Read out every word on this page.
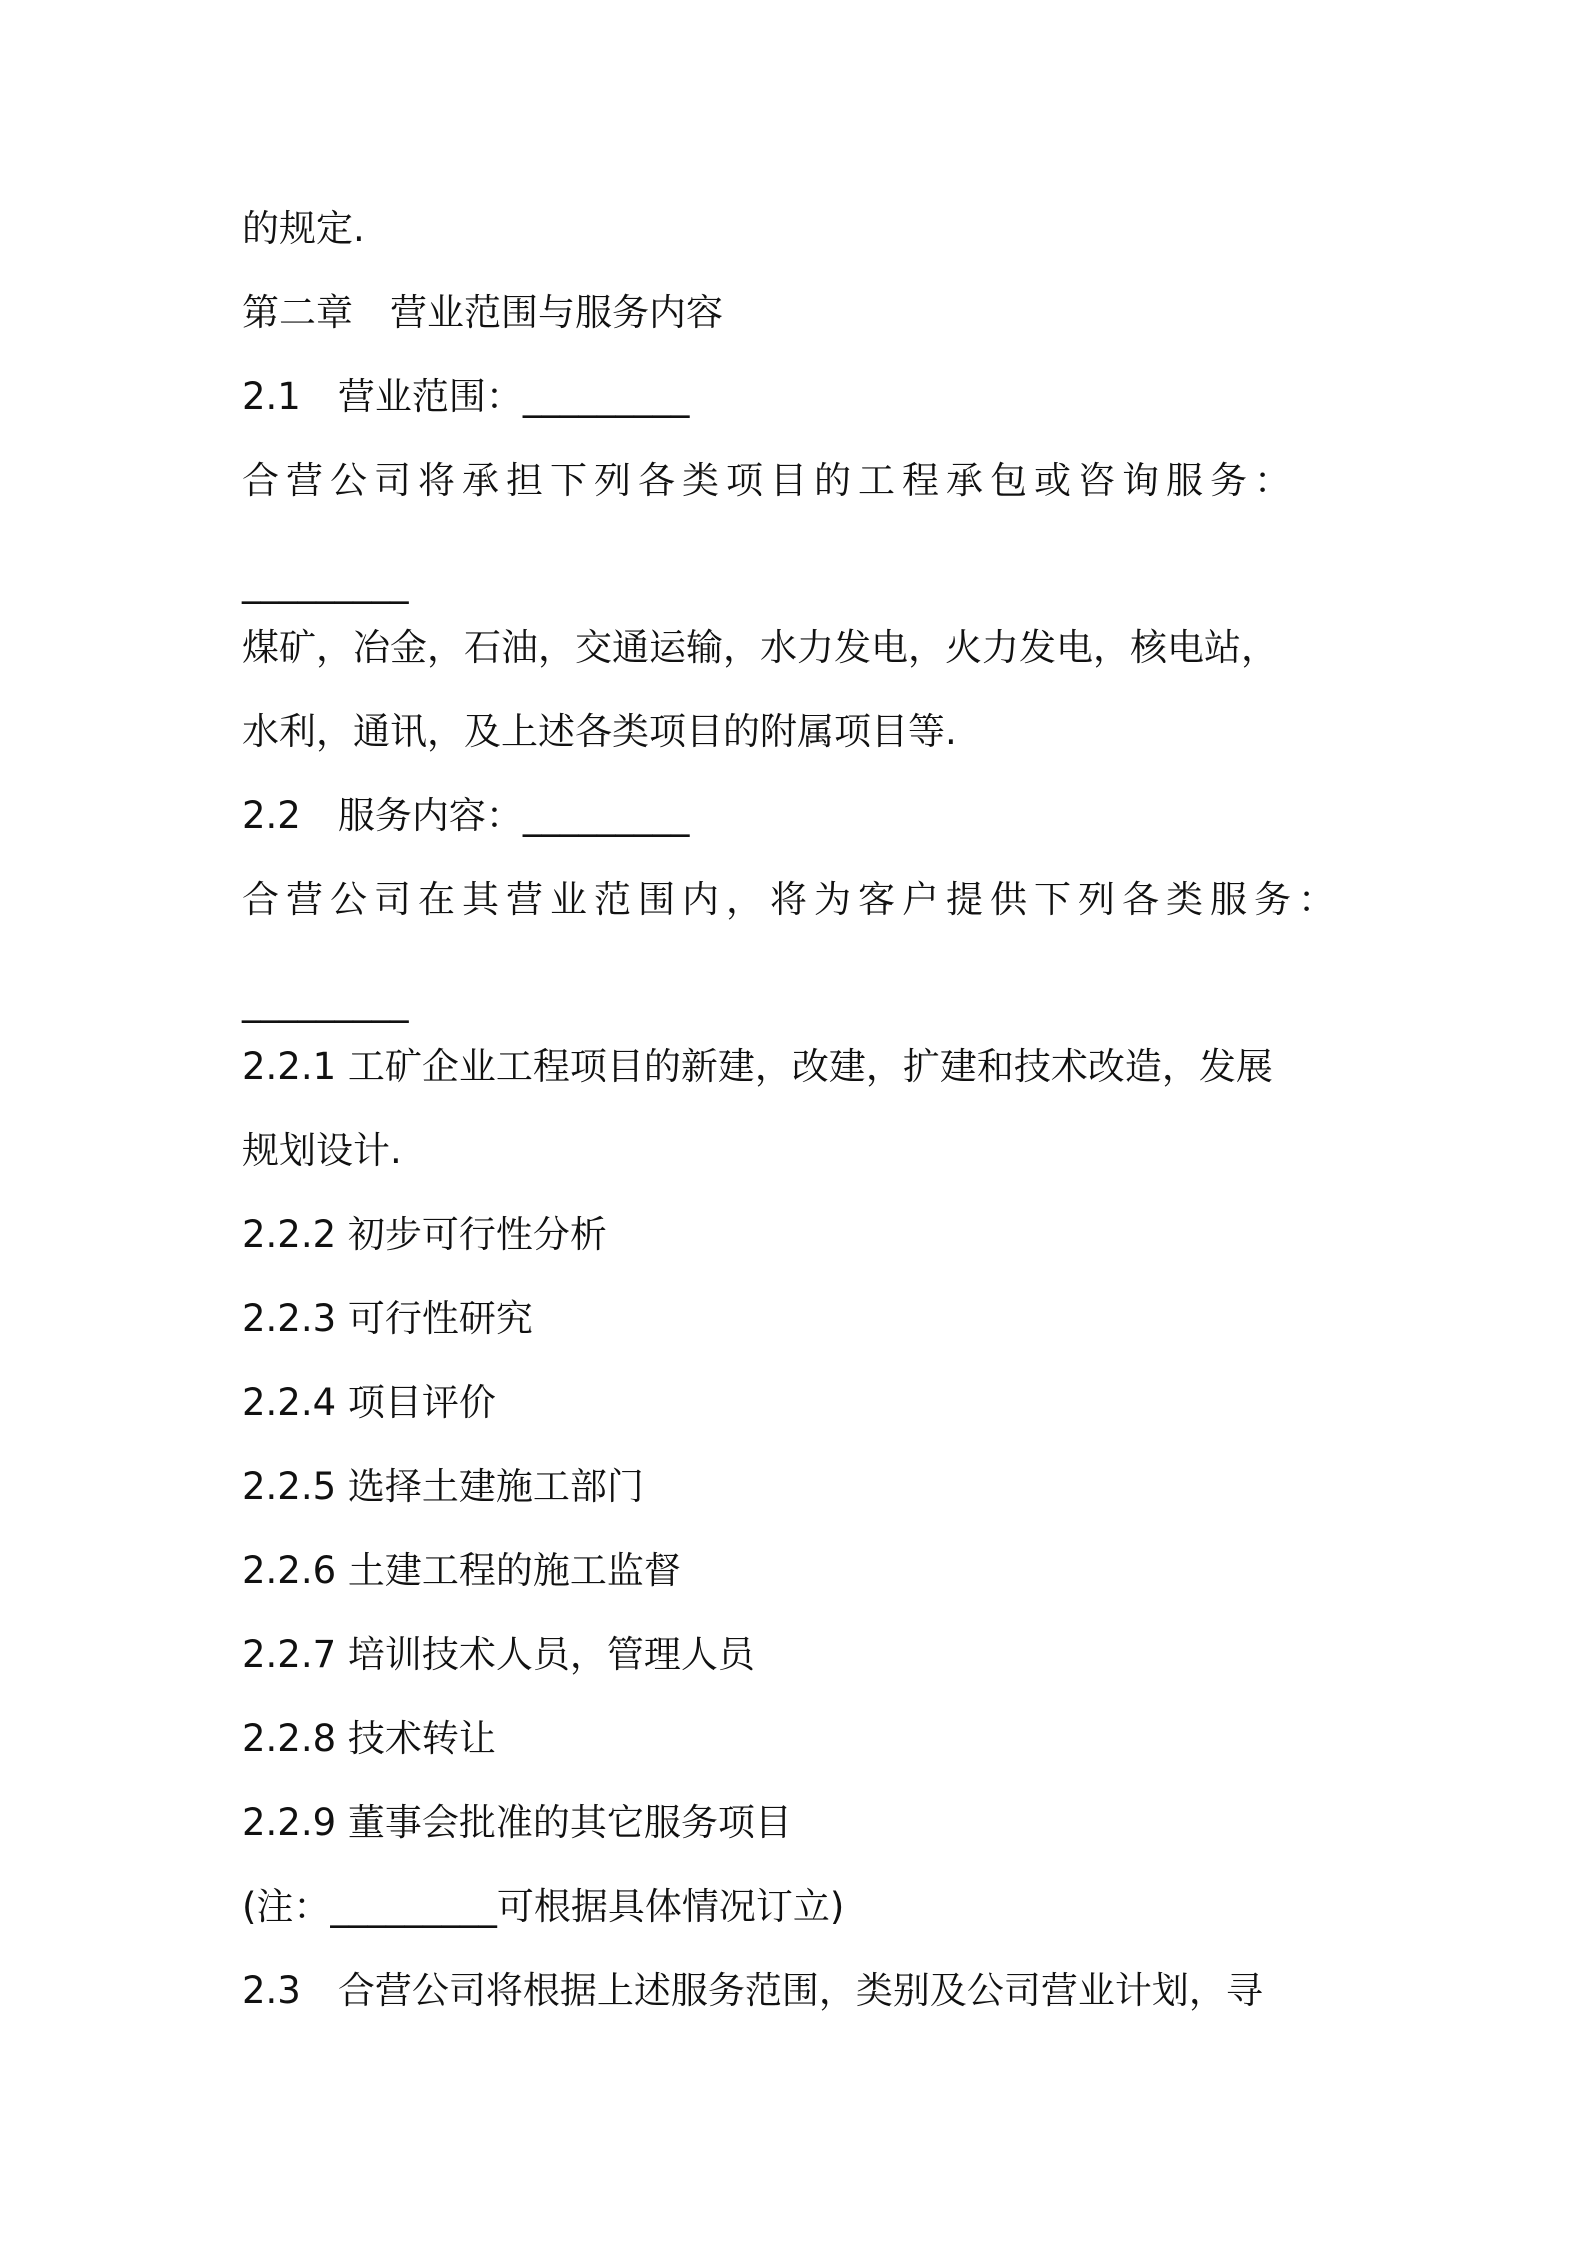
的规定.
第二章　营业范围与服务内容
2.1　营业范围：_________
合营公司将承担下列各类项目的工程承包或咨询服务：
_________
煤矿，冶金，石油，交通运输，水力发电，火力发电，核电站，
水利，通讯，及上述各类项目的附属项目等.
2.2　服务内容：_________
合营公司在其营业范围内，将为客户提供下列各类服务：
_________
2.2.1 工矿企业工程项目的新建，改建，扩建和技术改造，发展
规划设计.
2.2.2 初步可行性分析
2.2.3 可行性研究
2.2.4 项目评价
2.2.5 选择土建施工部门
2.2.6 土建工程的施工监督
2.2.7 培训技术人员，管理人员
2.2.8 技术转让
2.2.9 董事会批准的其它服务项目
(注：_________可根据具体情况订立)
2.3　合营公司将根据上述服务范围，类别及公司营业计划，寻
